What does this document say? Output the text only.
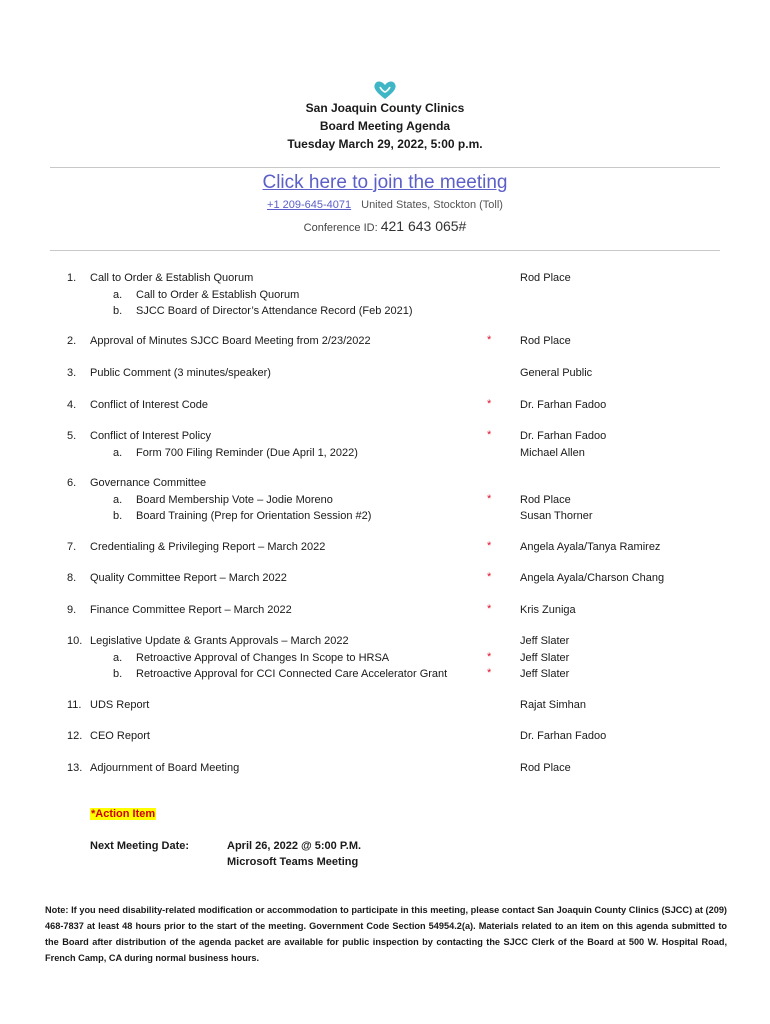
San Joaquin County Clinics
Board Meeting Agenda
Tuesday March 29, 2022, 5:00 p.m.
Click here to join the meeting
+1 209-645-4071 United States, Stockton (Toll)
Conference ID: 421 643 065#
1. Call to Order & Establish Quorum	Rod Place
a. Call to Order & Establish Quorum
b. SJCC Board of Director’s Attendance Record (Feb 2021)
2. Approval of Minutes SJCC Board Meeting from 2/23/2022	*	Rod Place
3. Public Comment (3 minutes/speaker)	General Public
4. Conflict of Interest Code	*	Dr. Farhan Fadoo
5. Conflict of Interest Policy	*	Dr. Farhan Fadoo
a. Form 700 Filing Reminder (Due April 1, 2022)	Michael Allen
6. Governance Committee
a. Board Membership Vote – Jodie Moreno	*	Rod Place
b. Board Training (Prep for Orientation Session #2)	Susan Thorner
7. Credentialing & Privileging Report – March 2022	*	Angela Ayala/Tanya Ramirez
8. Quality Committee Report – March 2022	*	Angela Ayala/Charson Chang
9. Finance Committee Report – March 2022	*	Kris Zuniga
10. Legislative Update & Grants Approvals – March 2022	Jeff Slater
a. Retroactive Approval of Changes In Scope to HRSA	*	Jeff Slater
b. Retroactive Approval for CCI Connected Care Accelerator Grant	*	Jeff Slater
11. UDS Report	Rajat Simhan
12. CEO Report	Dr. Farhan Fadoo
13. Adjournment of Board Meeting	Rod Place
*Action Item
Next Meeting Date:	April 26, 2022 @ 5:00 P.M.
Microsoft Teams Meeting
Note: If you need disability-related modification or accommodation to participate in this meeting, please contact San Joaquin County Clinics (SJCC) at (209) 468-7837 at least 48 hours prior to the start of the meeting. Government Code Section 54954.2(a). Materials related to an item on this agenda submitted to the Board after distribution of the agenda packet are available for public inspection by contacting the SJCC Clerk of the Board at 500 W. Hospital Road, French Camp, CA during normal business hours.
